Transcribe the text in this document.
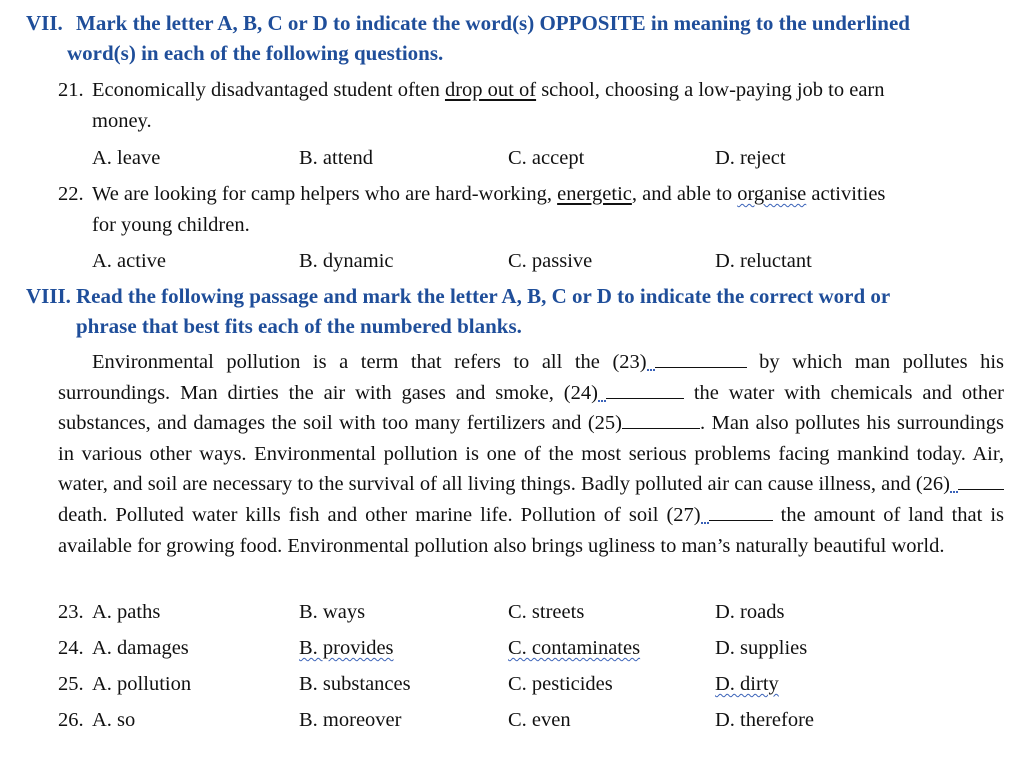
VII. Mark the letter A, B, C or D to indicate the word(s) OPPOSITE in meaning to the underlined
word(s) in each of the following questions.
21. Economically disadvantaged student often drop out of school, choosing a low-paying job to earn
money.
A. leave	B. attend	C. accept	D. reject
22. We are looking for camp helpers who are hard-working, energetic, and able to organise activities
for young children.
A. active	B. dynamic	C. passive	D. reluctant
VIII. Read the following passage and mark the letter A, B, C or D to indicate the correct word or
phrase that best fits each of the numbered blanks.
Environmental pollution is a term that refers to all the (23)	by which man pollutes his surroundings. Man dirties the air with gases and smoke, (24)	the water with chemicals and other substances, and damages the soil with too many fertilizers and (25)	. Man also pollutes his surroundings in various other ways. Environmental pollution is one of the most serious problems facing mankind today. Air, water, and soil are necessary to the survival of all living things. Badly polluted air can cause illness, and (26) death. Polluted water kills fish and other marine life. Pollution of soil (27)	the amount of land that is available for growing food. Environmental pollution also brings ugliness to man’s naturally beautiful world.
23. A. paths	B. ways	C. streets	D. roads
24. A. damages	B. provides	C. contaminates	D. supplies
25. A. pollution	B. substances	C. pesticides	D. dirty
26. A. so	B. moreover	C. even	D. therefore
